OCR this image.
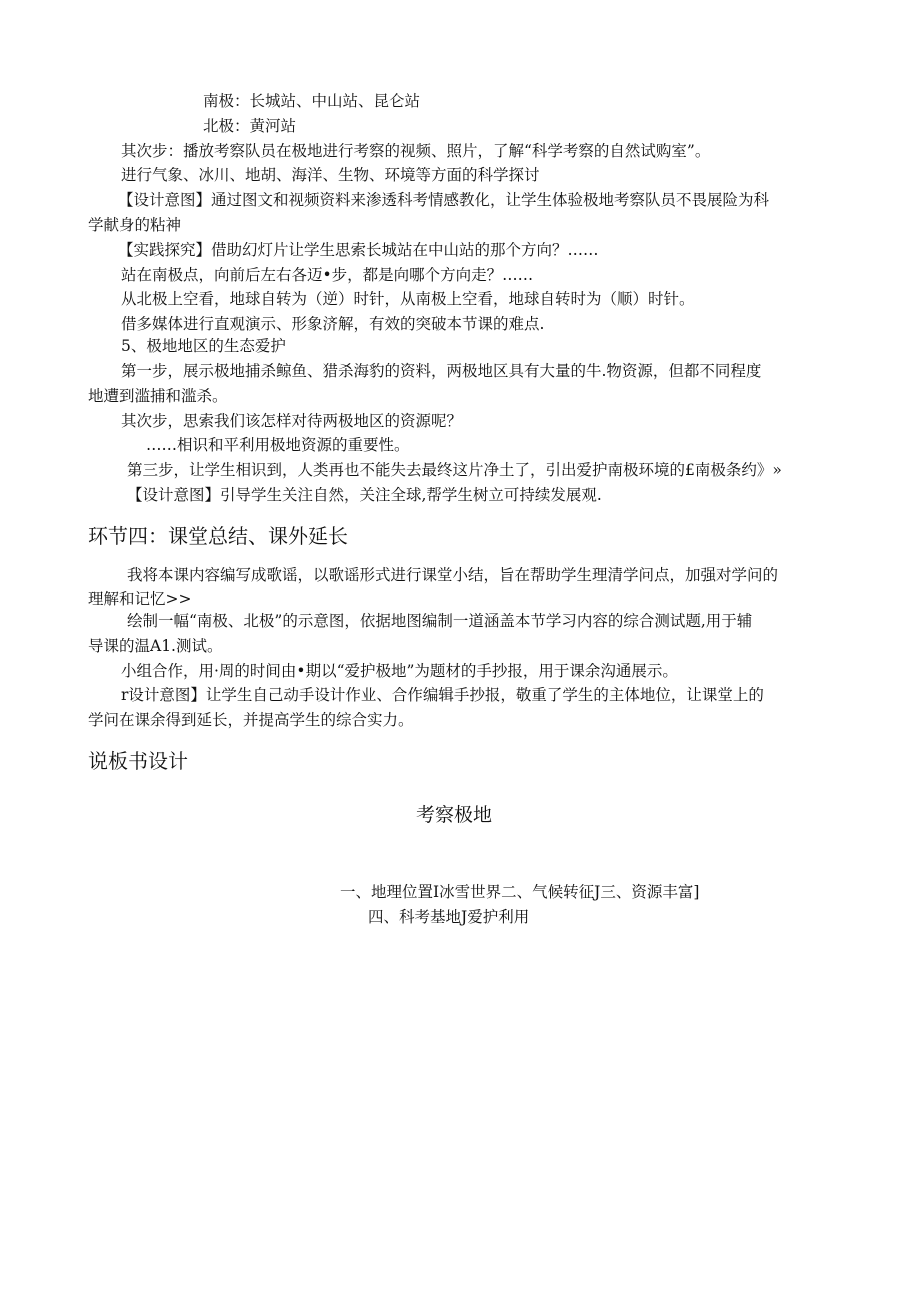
南极：长城站、中山站、昆仑站
北极：黄河站
其次步：播放考察队员在极地进行考察的视频、照片，了解“科学考察的自然试购室”。
进行气象、冰川、地胡、海洋、生物、环境等方面的科学探讨
【设计意图】通过图文和视频资料来渗透科考情感教化，让学生体验极地考察队员不畏展险为科
学献身的粘神
【实践探究】借助幻灯片让学生思索长城站在中山站的那个方向？……
站在南极点，向前后左右各迈•步，都是向哪个方向走？……
从北极上空看，地球自转为（逆）时针，从南极上空看，地球自转时为（顺）时针。
借多媒体进行直观演示、形象济解，有效的突破本节课的难点.
5、极地地区的生态爱护
第一步，展示极地捕杀鲸鱼、猎杀海豹的资料，两极地区具有大量的牛.物资源，但都不同程度
地遭到滥捕和滥杀。
其次步，思索我们该怎样对待两极地区的资源呢？
……相识和平利用极地资源的重要性。
第三步，让学生相识到，人类再也不能失去最终这片净土了，引出爱护南极环境的£南极条约》»
【设计意图】引导学生关注自然，关注全球,帮学生树立可持续发展观.
环节四：课堂总结、课外延长
我将本课内容编写成歌谣，以歌谣形式进行课堂小结，旨在帮助学生理清学问点，加强对学问的
理解和记忆>>
绘制一幅“南极、北极”的示意图，依据地图编制一道涵盖本节学习内容的综合测试题,用于辅
导课的温A1.测试。
小组合作，用·周的时间由•期以“爱护极地”为题材的手抄报，用于课余沟通展示。
r设计意图】让学生自己动手设计作业、合作编辑手抄报，敬重了学生的主体地位，让课堂上的
学问在课余得到延长，并提高学生的综合实力。
说板书设计
考察极地
一、地理位置I冰雪世界二、气候转征J三、资源丰富]
四、科考基地J爱护利用
